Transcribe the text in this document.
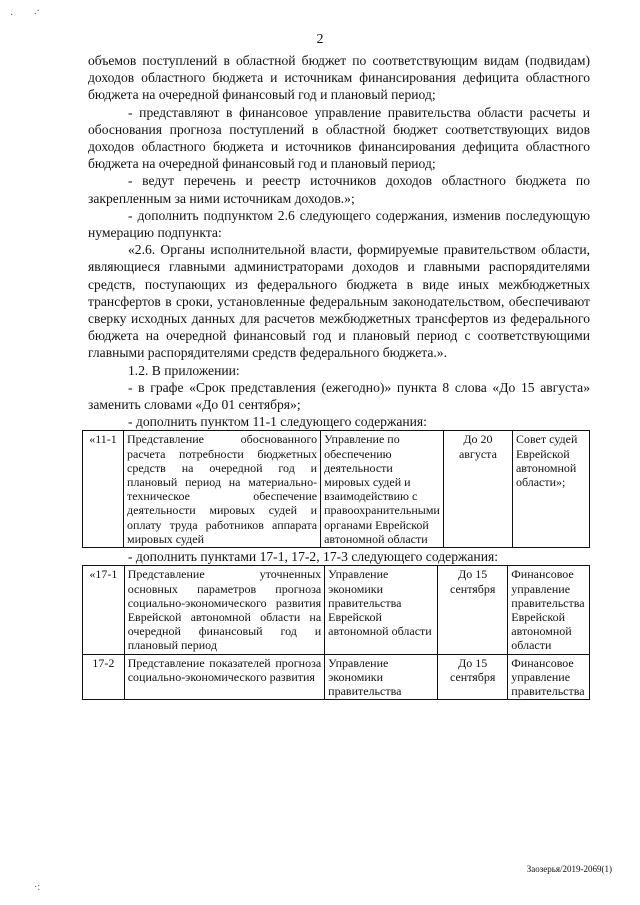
· .·
·:
2

объемов поступлений в областной бюджет по соответствующим видам (подвидам) доходов областного бюджета и источникам финансирования дефицита областного бюджета на очередной финансовый год и плановый период;

- представляют в финансовое управление правительства области расчеты и обоснования прогноза поступлений в областной бюджет соответствующих видов доходов областного бюджета и источников финансирования дефицита областного бюджета на очередной финансовый год и плановый период;

- ведут перечень и реестр источников доходов областного бюджета по закрепленным за ними источникам доходов.»;

- дополнить подпунктом 2.6 следующего содержания, изменив последующую нумерацию подпункта:

«2.6. Органы исполнительной власти, формируемые правительством области, являющиеся главными администраторами доходов и главными распорядителями средств, поступающих из федерального бюджета в виде иных межбюджетных трансфертов в сроки, установленные федеральным законодательством, обеспечивают сверку исходных данных для расчетов межбюджетных трансфертов из федерального бюджета на очередной финансовый год и плановый период с соответствующими главными распорядителями средств федерального бюджета.».

1.2. В приложении:

- в графе «Срок представления (ежегодно)» пункта 8 слова «До 15 августа» заменить словами «До 01 сентября»;

- дополнить пунктом 11-1 следующего содержания:

«11-1	Представление обоснованного расчета потребности бюджетных средств на очередной год и плановый период на материально-техническое обеспечение деятельности мировых судей и оплату труда работников аппарата мировых судей	Управление по обеспечению деятельности мировых судей и взаимодействию с правоохранительными органами Еврейской автономной области	До 20 августа	Совет судей Еврейской автономной области»;

- дополнить пунктами 17-1, 17-2, 17-3 следующего содержания:

«17-1	Представление уточненных основных параметров прогноза социально-экономического развития Еврейской автономной области на очередной финансовый год и плановый период	Управление экономики правительства Еврейской автономной области	До 15 сентября	Финансовое управление правительства Еврейской автономной области
17-2	Представление показателей прогноза социально-экономического развития	Управление экономики правительства	До 15 сентября	Финансовое управление правительства
Заозерья/2019-2069(1)
